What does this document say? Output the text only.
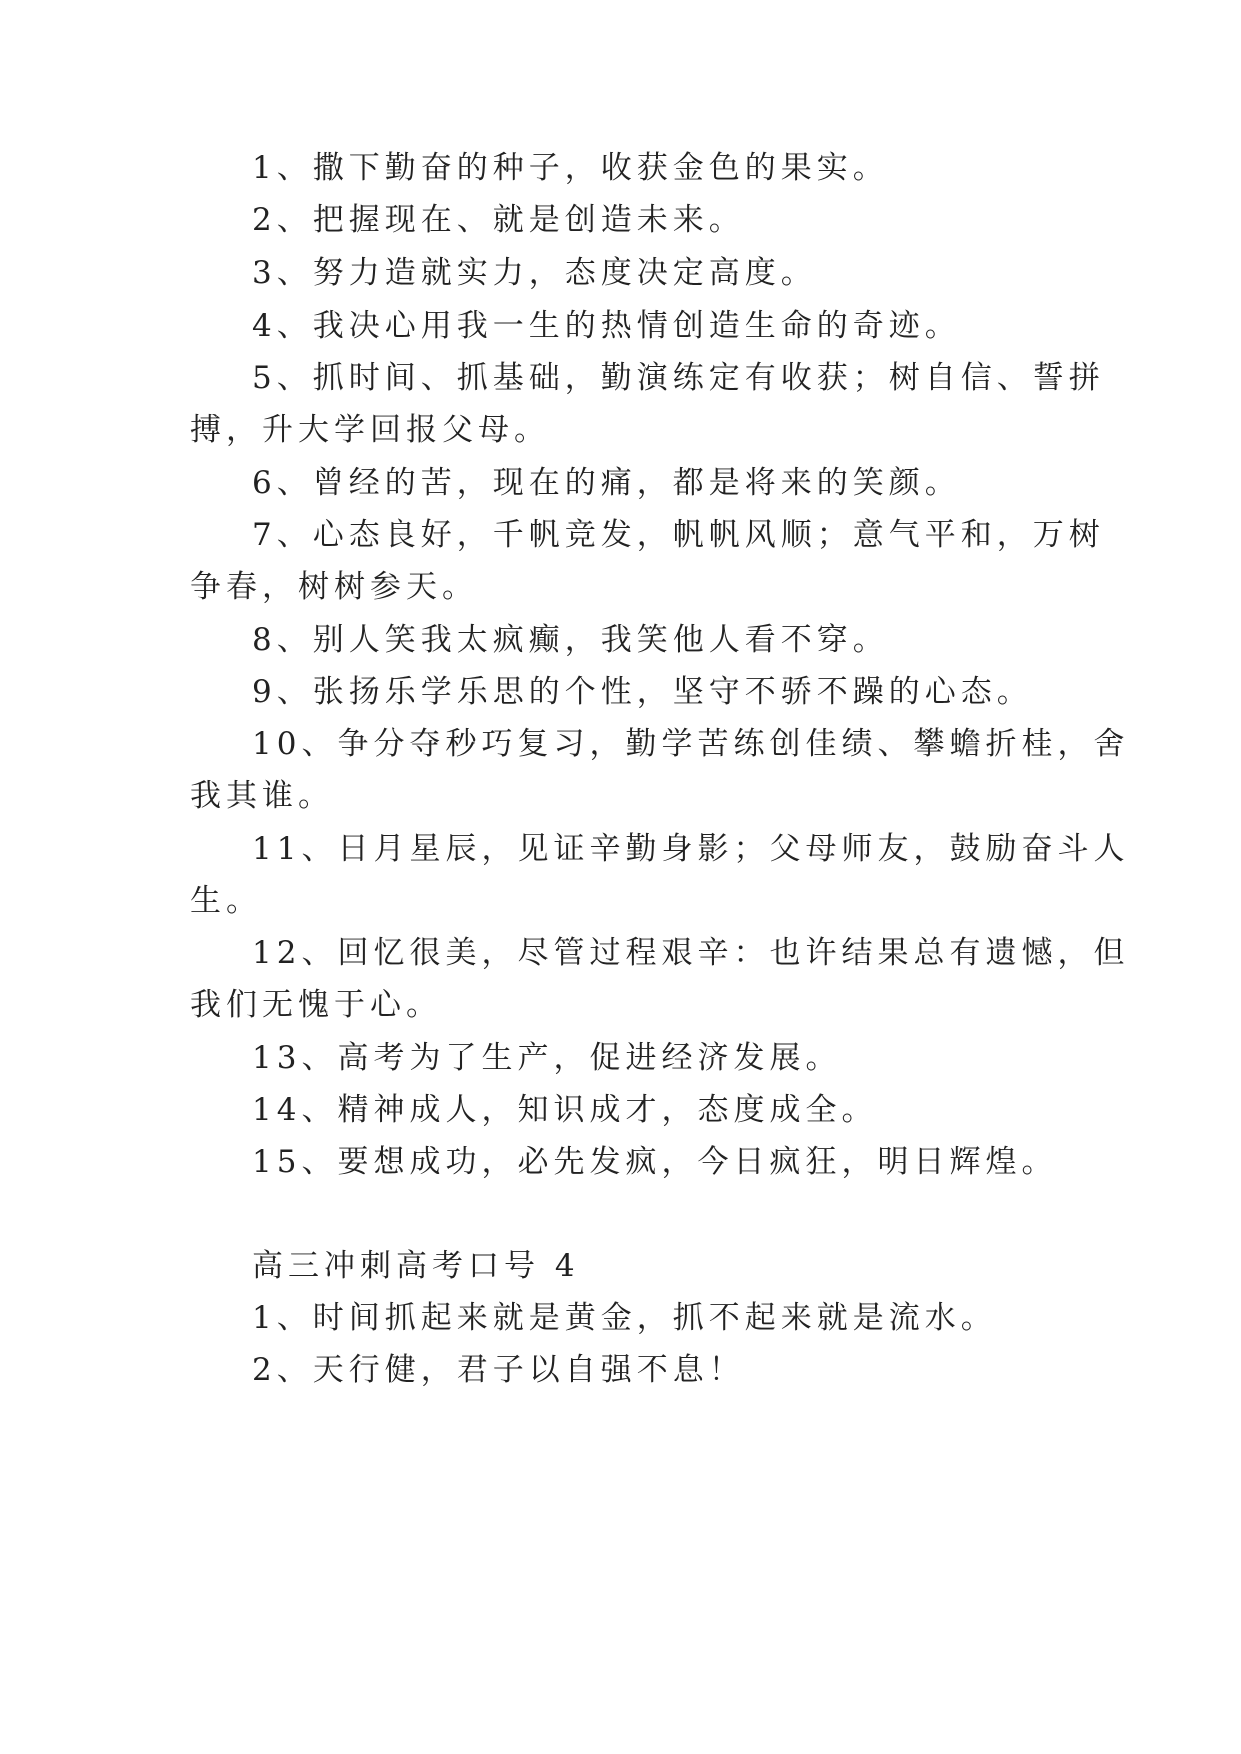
1、撒下勤奋的种子，收获金色的果实。
2、把握现在、就是创造未来。
3、努力造就实力，态度决定高度。
4、我决心用我一生的热情创造生命的奇迹。
5、抓时间、抓基础，勤演练定有收获；树自信、誓拼
搏，升大学回报父母。
6、曾经的苦，现在的痛，都是将来的笑颜。
7、心态良好，千帆竞发，帆帆风顺；意气平和，万树
争春，树树参天。
8、别人笑我太疯癫，我笑他人看不穿。
9、张扬乐学乐思的个性，坚守不骄不躁的心态。
10、争分夺秒巧复习，勤学苦练创佳绩、攀蟾折桂，舍
我其谁。
11、日月星辰，见证辛勤身影；父母师友，鼓励奋斗人
生。
12、回忆很美，尽管过程艰辛：也许结果总有遗憾，但
我们无愧于心。
13、高考为了生产，促进经济发展。
14、精神成人，知识成才，态度成全。
15、要想成功，必先发疯，今日疯狂，明日辉煌。
高三冲刺高考口号 4
1、时间抓起来就是黄金，抓不起来就是流水。
2、天行健，君子以自强不息！
